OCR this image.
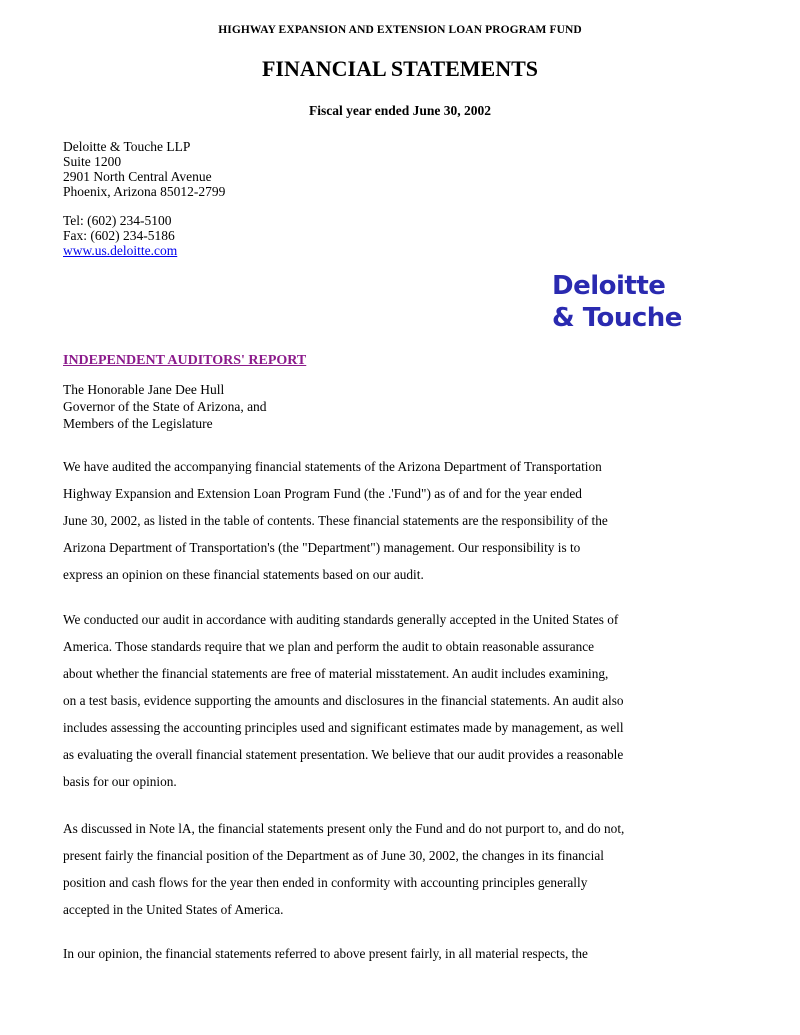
HIGHWAY EXPANSION AND EXTENSION LOAN PROGRAM FUND
FINANCIAL STATEMENTS
Fiscal year ended June 30, 2002
Deloitte & Touche LLP
Suite 1200
2901 North Central Avenue
Phoenix, Arizona 85012-2799
Tel: (602) 234-5100
Fax: (602) 234-5186
www.us.deloitte.com
Deloitte
& Touche
INDEPENDENT AUDITORS' REPORT
The Honorable Jane Dee Hull
Governor of the State of Arizona, and
Members of the Legislature
We have audited the accompanying financial statements of the Arizona Department of Transportation
Highway Expansion and Extension Loan Program Fund (the .'Fund") as of and for the year ended
June 30, 2002, as listed in the table of contents. These financial statements are the responsibility of the
Arizona Department of Transportation's (the "Department") management. Our responsibility is to
express an opinion on these financial statements based on our audit.
We conducted our audit in accordance with auditing standards generally accepted in the United States of
America. Those standards require that we plan and perform the audit to obtain reasonable assurance
about whether the financial statements are free of material misstatement. An audit includes examining,
on a test basis, evidence supporting the amounts and disclosures in the financial statements. An audit also
includes assessing the accounting principles used and significant estimates made by management, as well
as evaluating the overall financial statement presentation. We believe that our audit provides a reasonable
basis for our opinion.
As discussed in Note lA, the financial statements present only the Fund and do not purport to, and do not,
present fairly the financial position of the Department as of June 30, 2002, the changes in its financial
position and cash flows for the year then ended in conformity with accounting principles generally
accepted in the United States of America.
In our opinion, the financial statements referred to above present fairly, in all material respects, the
